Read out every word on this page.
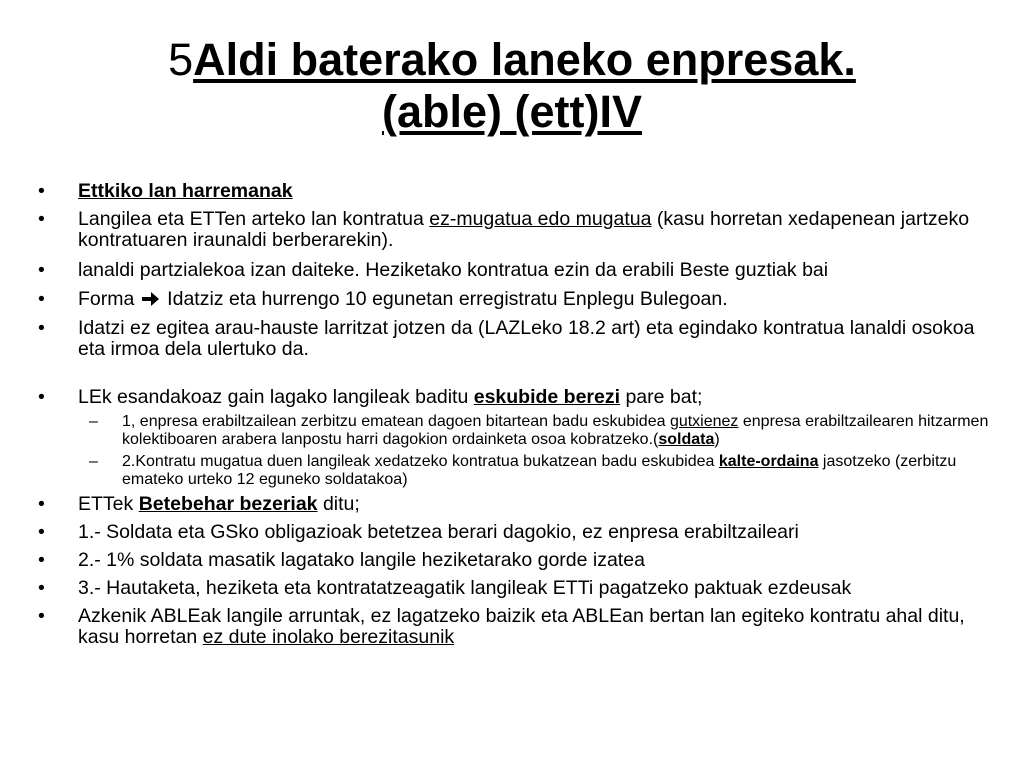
5Aldi baterako laneko enpresak.
(able) (ett)IV
• Ettkiko lan harremanak
• Langilea eta ETTen arteko lan kontratua ez-mugatua edo mugatua (kasu horretan xedapenean jartzeko kontratuaren iraunaldi berberarekin).
• lanaldi partzialekoa izan daiteke. Heziketako kontratua ezin da erabili Beste guztiak bai
• Forma  Idatziz eta hurrengo 10 egunetan erregistratu Enplegu Bulegoan.
• Idatzi ez egitea arau-hauste larritzat jotzen da (LAZLeko 18.2 art) eta egindako kontratua lanaldi osokoa eta irmoa dela ulertuko da.
• LEk esandakoaz gain lagako langileak baditu eskubide berezi pare bat;
– 1, enpresa erabiltzailean zerbitzu ematean dagoen bitartean badu eskubidea gutxienez enpresa erabiltzailearen hitzarmen kolektiboaren arabera lanpostu harri dagokion ordainketa osoa kobratzeko.(soldata)
– 2.Kontratu mugatua duen langileak xedatzeko kontratua bukatzean badu eskubidea kalte-ordaina jasotzeko (zerbitzu emateko urteko 12 eguneko soldatakoa)
• ETTek Betebehar bezeriak ditu;
• 1.- Soldata eta GSko obligazioak betetzea berari dagokio, ez enpresa erabiltzaileari
• 2.- 1% soldata masatik lagatako langile heziketarako gorde izatea
• 3.- Hautaketa, heziketa eta kontratatzeagatik langileak ETTi pagatzeko paktuak ezdeusak
• Azkenik ABLEak langile arruntak, ez lagatzeko baizik eta ABLEan bertan lan egiteko kontratu ahal ditu, kasu horretan ez dute inolako berezitasunik
